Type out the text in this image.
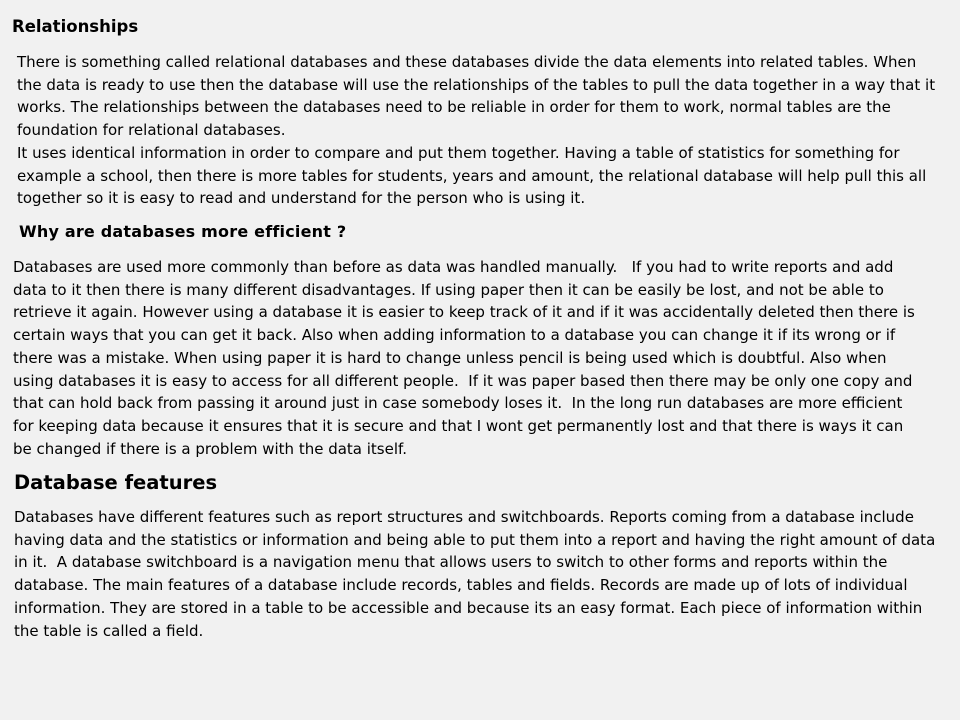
Relationships

There is something called relational databases and these databases divide the data elements into related tables. When
the data is ready to use then the database will use the relationships of the tables to pull the data together in a way that it
works. The relationships between the databases need to be reliable in order for them to work, normal tables are the
foundation for relational databases.
It uses identical information in order to compare and put them together. Having a table of statistics for something for
example a school, then there is more tables for students, years and amount, the relational database will help pull this all
together so it is easy to read and understand for the person who is using it.

Why are databases more efficient ?

Databases are used more commonly than before as data was handled manually.   If you had to write reports and add
data to it then there is many different disadvantages. If using paper then it can be easily be lost, and not be able to
retrieve it again. However using a database it is easier to keep track of it and if it was accidentally deleted then there is
certain ways that you can get it back. Also when adding information to a database you can change it if its wrong or if
there was a mistake. When using paper it is hard to change unless pencil is being used which is doubtful. Also when
using databases it is easy to access for all different people.  If it was paper based then there may be only one copy and
that can hold back from passing it around just in case somebody loses it.  In the long run databases are more efficient
for keeping data because it ensures that it is secure and that I wont get permanently lost and that there is ways it can
be changed if there is a problem with the data itself.

Database features

Databases have different features such as report structures and switchboards. Reports coming from a database include
having data and the statistics or information and being able to put them into a report and having the right amount of data
in it.  A database switchboard is a navigation menu that allows users to switch to other forms and reports within the
database. The main features of a database include records, tables and fields. Records are made up of lots of individual
information. They are stored in a table to be accessible and because its an easy format. Each piece of information within
the table is called a field.
